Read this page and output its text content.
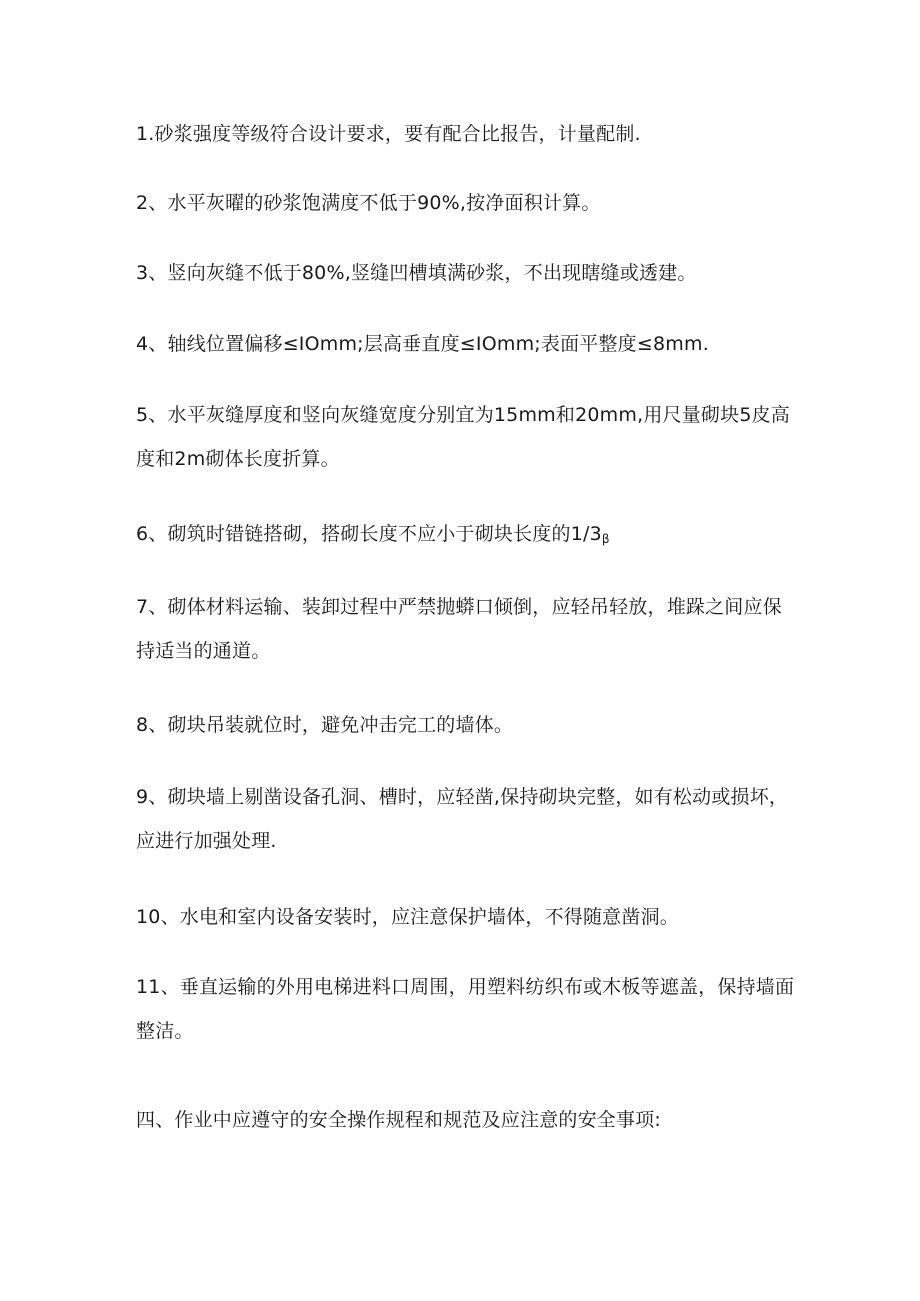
1.砂浆强度等级符合设计要求，要有配合比报告，计量配制.

2、水平灰曜的砂浆饱满度不低于90%,按净面积计算。

3、竖向灰缝不低于80%,竖缝凹槽填满砂浆，不出现瞎缝或透建。

4、轴线位置偏移≤IOmm;层高垂直度≤IOmm;表面平整度≤8mm.

5、水平灰缝厚度和竖向灰缝宽度分别宜为15mm和20mm,用尺量砌块5皮高度和2m砌体长度折算。

6、砌筑时错链搭砌，搭砌长度不应小于砌块长度的$1∕3_\beta$

7、砌体材料运输、装卸过程中严禁抛蟒口倾倒，应轻吊轻放，堆跺之间应保持适当的通道。

8、砌块吊装就位时，避免冲击完工的墙体。

9、砌块墙上剔凿设备孔洞、槽时，应轻凿,保持砌块完整，如有松动或损坏，应进行加强处理.

10、水电和室内设备安装时，应注意保护墙体，不得随意凿洞。

11、垂直运输的外用电梯进料口周围，用塑料纺织布或木板等遮盖，保持墙面整洁。

四、作业中应遵守的安全操作规程和规范及应注意的安全事项:
